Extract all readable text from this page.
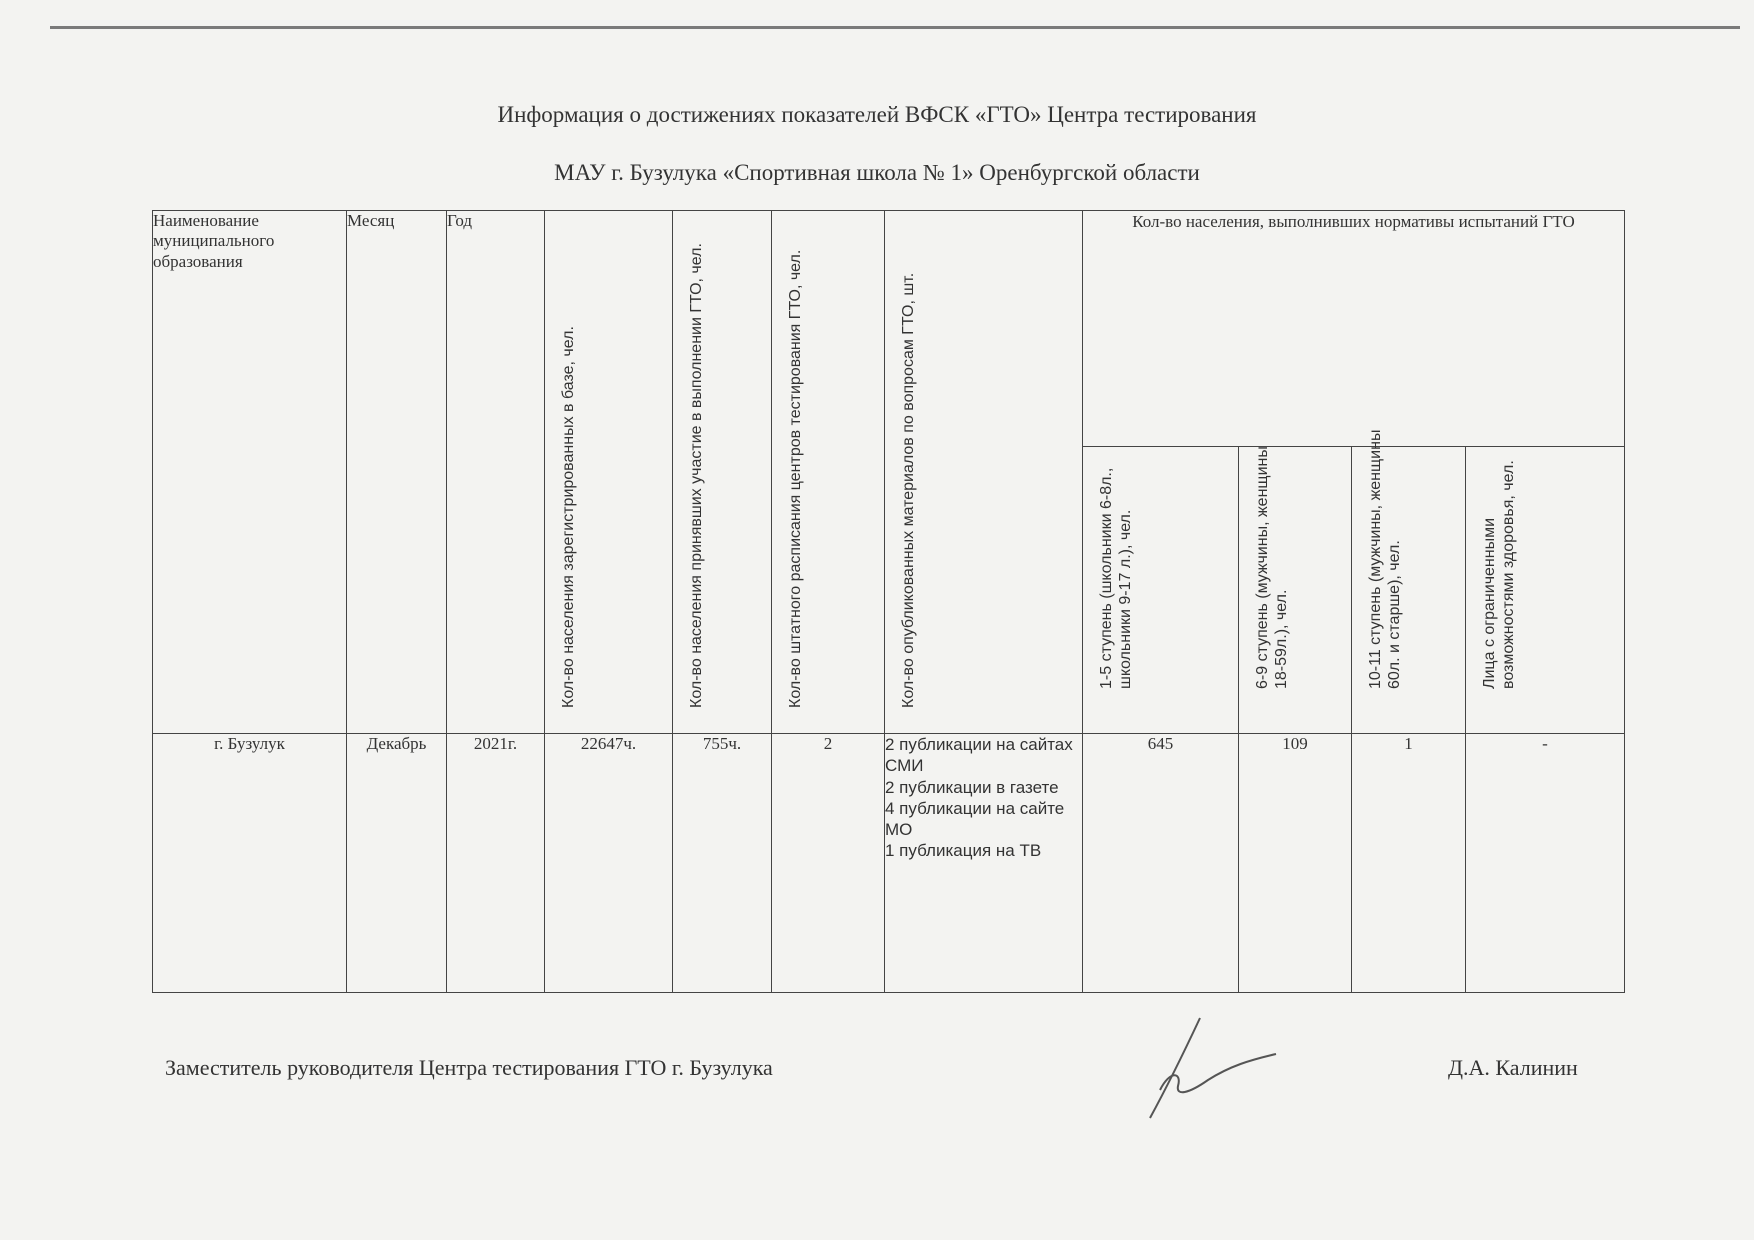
Информация о достижениях показателей ВФСК «ГТО» Центра тестирования
МАУ г. Бузулука «Спортивная школа № 1» Оренбургской области
Наименование муниципального образования	Месяц	Год	Кол-во населения зарегистрированных в базе, чел.	Кол-во населения принявших участие в выполнении ГТО, чел.	Кол-во штатного расписания центров тестирования ГТО, чел.	Кол-во опубликованных материалов по вопросам ГТО, шт.	Кол-во населения, выполнивших нормативы испытаний ГТО			

							1-5 ступень (школьники 6-8л., школьники 9-17 л.), чел.	6-9 ступень (мужчины, женщины 18-59л.), чел.	10-11 ступень (мужчины, женщины 60л. и старше), чел.	Лица с ограниченными возможностями здоровья, чел.

г. Бузулук	Декабрь	2021г.	22647ч.	755ч.	2	2 публикации на сайтах СМИ
2 публикации в газете
4 публикации на сайте МО
1 публикация на ТВ	645	109	1	-
Заместитель руководителя Центра тестирования ГТО г. Бузулука	Д.А. Калинин
